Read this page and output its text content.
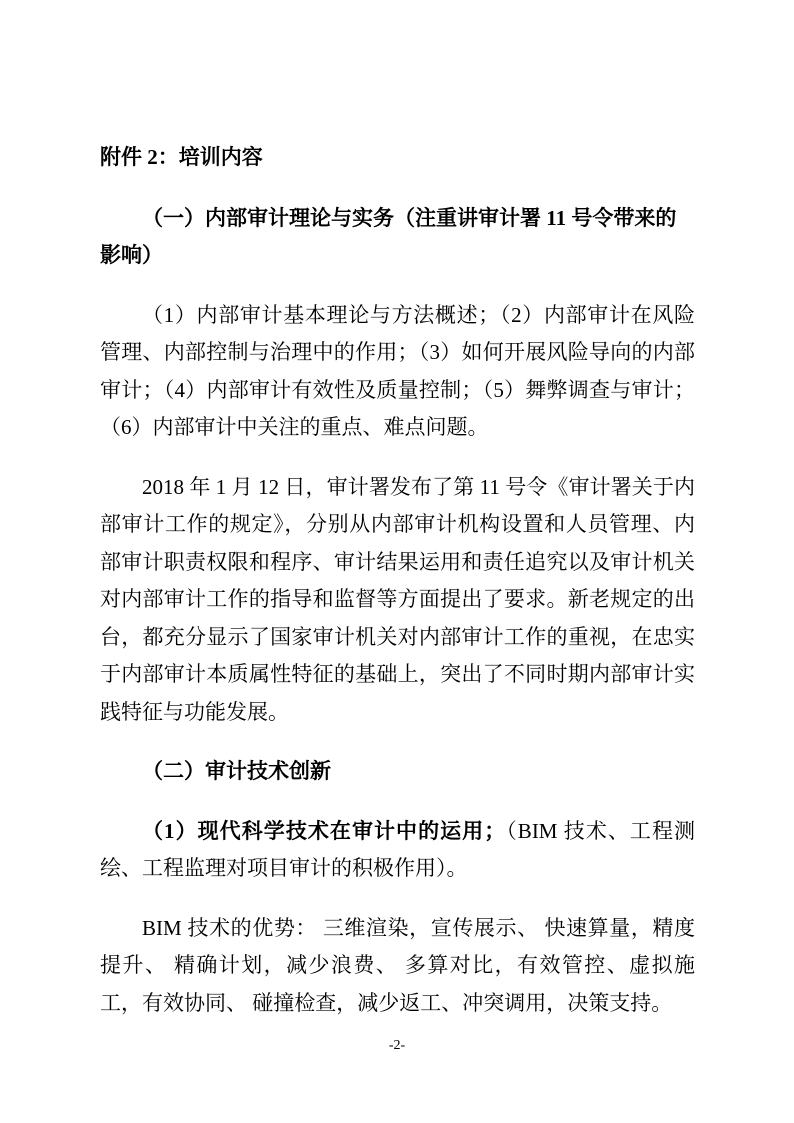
附件 2：培训内容
（一）内部审计理论与实务（注重讲审计署 11 号令带来的影响）

（1）内部审计基本理论与方法概述；（2）内部审计在风险管理、内部控制与治理中的作用；（3）如何开展风险导向的内部审计；（4）内部审计有效性及质量控制；（5）舞弊调查与审计；（6）内部审计中关注的重点、难点问题。

2018 年 1 月 12 日，审计署发布了第 11 号令《审计署关于内部审计工作的规定》，分别从内部审计机构设置和人员管理、内部审计职责权限和程序、审计结果运用和责任追究以及审计机关对内部审计工作的指导和监督等方面提出了要求。新老规定的出台，都充分显示了国家审计机关对内部审计工作的重视，在忠实于内部审计本质属性特征的基础上，突出了不同时期内部审计实践特征与功能发展。

（二）审计技术创新

（1）现代科学技术在审计中的运用；（BIM 技术、工程测绘、工程监理对项目审计的积极作用）。

BIM 技术的优势： 三维渲染，宣传展示、 快速算量，精度提升、 精确计划，减少浪费、 多算对比，有效管控、虚拟施工，有效协同、 碰撞检查，减少返工、冲突调用，决策支持。

-2-
